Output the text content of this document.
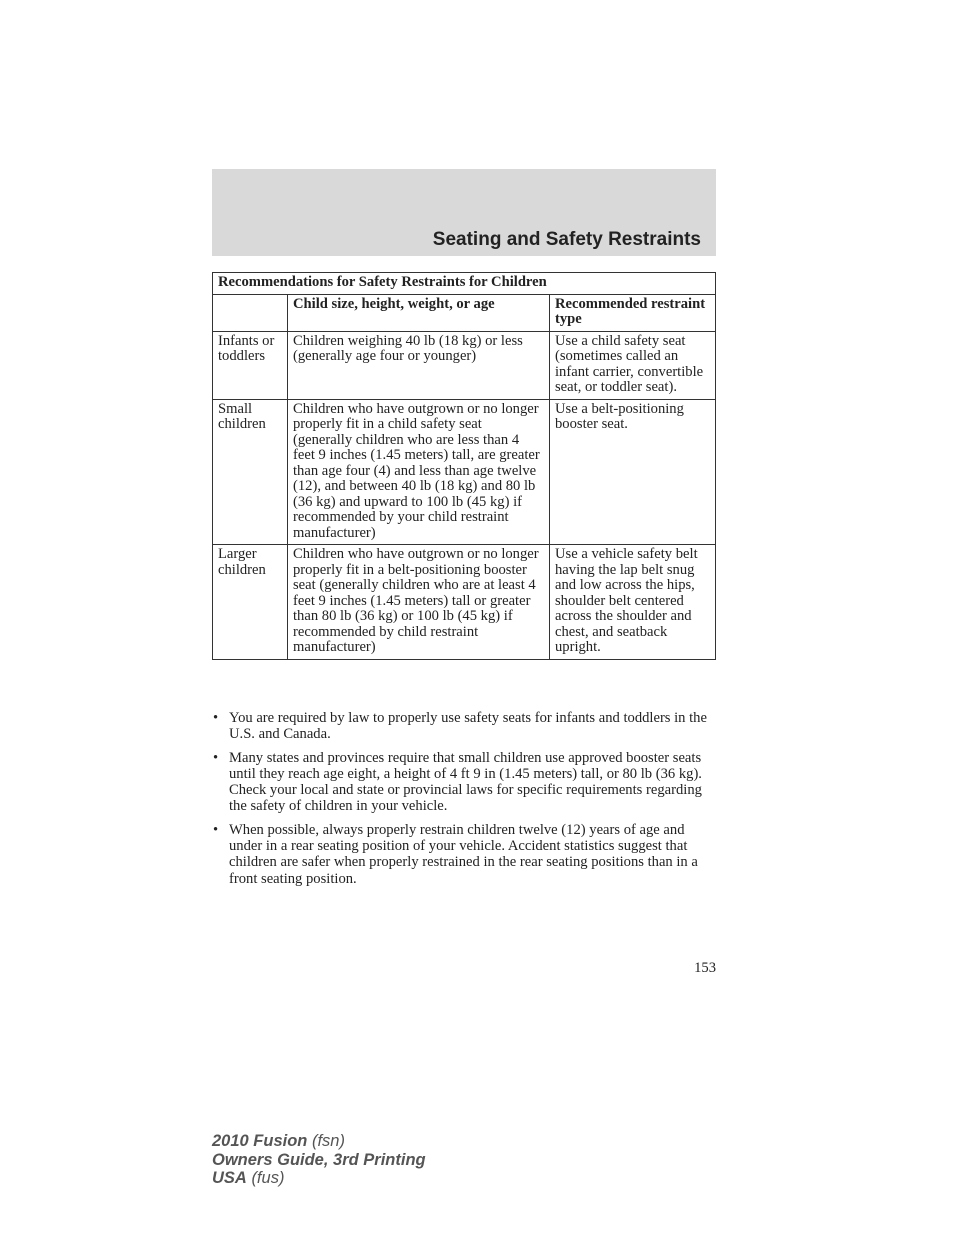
Seating and Safety Restraints
Recommendations for Safety Restraints for Children		
	Child size, height, weight, or age	Recommended restraint type
Infants or toddlers	Children weighing 40 lb (18 kg) or less (generally age four or younger)	Use a child safety seat (sometimes called an infant carrier, convertible seat, or toddler seat).
Small children	Children who have outgrown or no longer properly fit in a child safety seat (generally children who are less than 4 feet 9 inches (1.45 meters) tall, are greater than age four (4) and less than age twelve (12), and between 40 lb (18 kg) and 80 lb (36 kg) and upward to 100 lb (45 kg) if recommended by your child restraint manufacturer)	Use a belt-positioning booster seat.
Larger children	Children who have outgrown or no longer properly fit in a belt-positioning booster seat (generally children who are at least 4 feet 9 inches (1.45 meters) tall or greater than 80 lb (36 kg) or 100 lb (45 kg) if recommended by child restraint manufacturer)	Use a vehicle safety belt having the lap belt snug and low across the hips, shoulder belt centered across the shoulder and chest, and seatback upright.
• You are required by law to properly use safety seats for infants and toddlers in the U.S. and Canada.
• Many states and provinces require that small children use approved booster seats until they reach age eight, a height of 4 ft 9 in (1.45 meters) tall, or 80 lb (36 kg). Check your local and state or provincial laws for specific requirements regarding the safety of children in your vehicle.
• When possible, always properly restrain children twelve (12) years of age and under in a rear seating position of your vehicle. Accident statistics suggest that children are safer when properly restrained in the rear seating positions than in a front seating position.
153
2010 Fusion (fsn)
Owners Guide, 3rd Printing
USA (fus)
